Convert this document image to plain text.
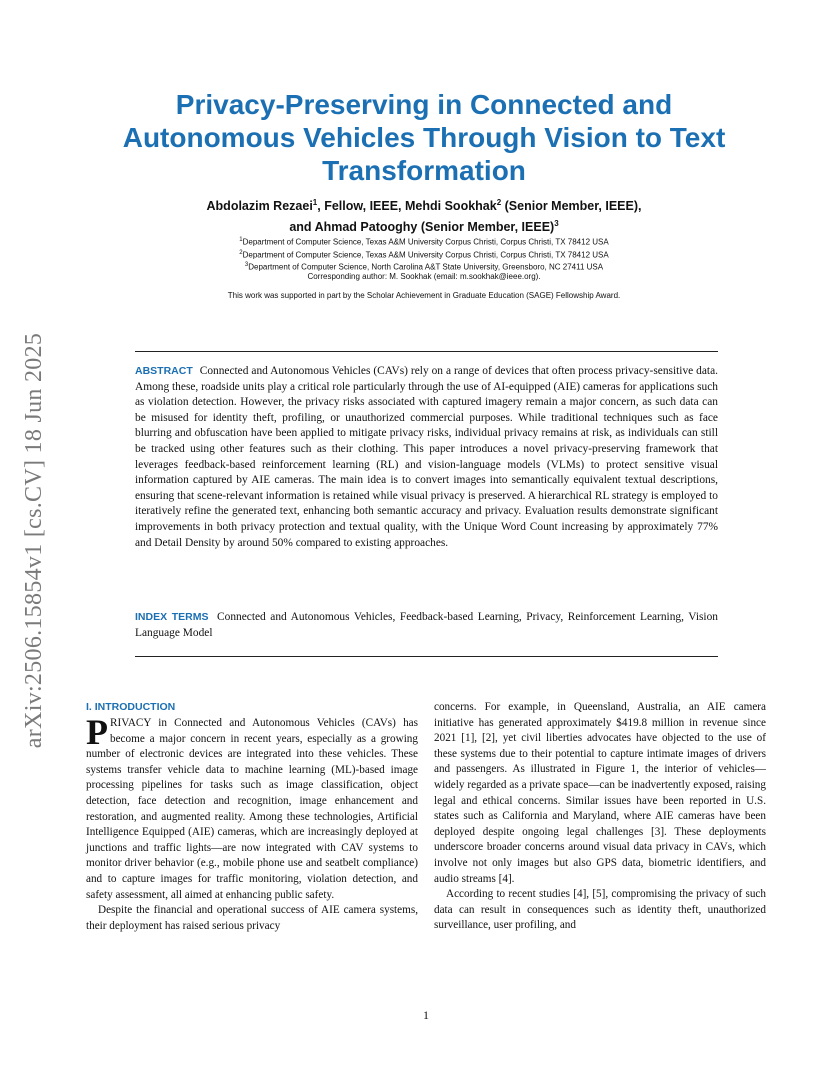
arXiv:2506.15854v1 [cs.CV] 18 Jun 2025
Privacy-Preserving in Connected and Autonomous Vehicles Through Vision to Text Transformation
Abdolazim Rezaei$^1$, Fellow, IEEE, Mehdi Sookhak$^2$ (Senior Member, IEEE),
and Ahmad Patooghy (Senior Member, IEEE)$^3$
$^1$Department of Computer Science, Texas A&M University Corpus Christi, Corpus Christi, TX 78412 USA
$^2$Department of Computer Science, Texas A&M University Corpus Christi, Corpus Christi, TX 78412 USA
$^3$Department of Computer Science, North Carolina A&T State University, Greensboro, NC 27411 USA
Corresponding author: M. Sookhak (email: m.sookhak@ieee.org).
This work was supported in part by the Scholar Achievement in Graduate Education (SAGE) Fellowship Award.

ABSTRACT Connected and Autonomous Vehicles (CAVs) rely on a range of devices that often process privacy-sensitive data. Among these, roadside units play a critical role particularly through the use of AI-equipped (AIE) cameras for applications such as violation detection. However, the privacy risks associated with captured imagery remain a major concern, as such data can be misused for identity theft, profiling, or unauthorized commercial purposes. While traditional techniques such as face blurring and obfuscation have been applied to mitigate privacy risks, individual privacy remains at risk, as individuals can still be tracked using other features such as their clothing. This paper introduces a novel privacy-preserving framework that leverages feedback-based reinforcement learning (RL) and vision-language models (VLMs) to protect sensitive visual information captured by AIE cameras. The main idea is to convert images into semantically equivalent textual descriptions, ensuring that scene-relevant information is retained while visual privacy is preserved. A hierarchical RL strategy is employed to iteratively refine the generated text, enhancing both semantic accuracy and privacy. Evaluation results demonstrate significant improvements in both privacy protection and textual quality, with the Unique Word Count increasing by approximately 77% and Detail Density by around 50% compared to existing approaches.

INDEX TERMS Connected and Autonomous Vehicles, Feedback-based Learning, Privacy, Reinforcement Learning, Vision Language Model

I. INTRODUCTION

PRIVACY in Connected and Autonomous Vehicles (CAVs) has become a major concern in recent years, especially as a growing number of electronic devices are integrated into these vehicles. These systems transfer vehicle data to machine learning (ML)-based image processing pipelines for tasks such as image classification, object detection, face detection and recognition, image enhancement and restoration, and augmented reality. Among these technologies, Artificial Intelligence Equipped (AIE) cameras, which are increasingly deployed at junctions and traffic lights—are now integrated with CAV systems to monitor driver behavior (e.g., mobile phone use and seatbelt compliance) and to capture images for traffic monitoring, violation detection, and safety assessment, all aimed at enhancing public safety.

Despite the financial and operational success of AIE camera systems, their deployment has raised serious privacy

concerns. For example, in Queensland, Australia, an AIE camera initiative has generated approximately $419.8 million in revenue since 2021 [1], [2], yet civil liberties advocates have objected to the use of these systems due to their potential to capture intimate images of drivers and passengers. As illustrated in Figure 1, the interior of vehicles—widely regarded as a private space—can be inadvertently exposed, raising legal and ethical concerns. Similar issues have been reported in U.S. states such as California and Maryland, where AIE cameras have been deployed despite ongoing legal challenges [3]. These deployments underscore broader concerns around visual data privacy in CAVs, which involve not only images but also GPS data, biometric identifiers, and audio streams [4].

According to recent studies [4], [5], compromising the privacy of such data can result in consequences such as identity theft, unauthorized surveillance, user profiling, and

1
